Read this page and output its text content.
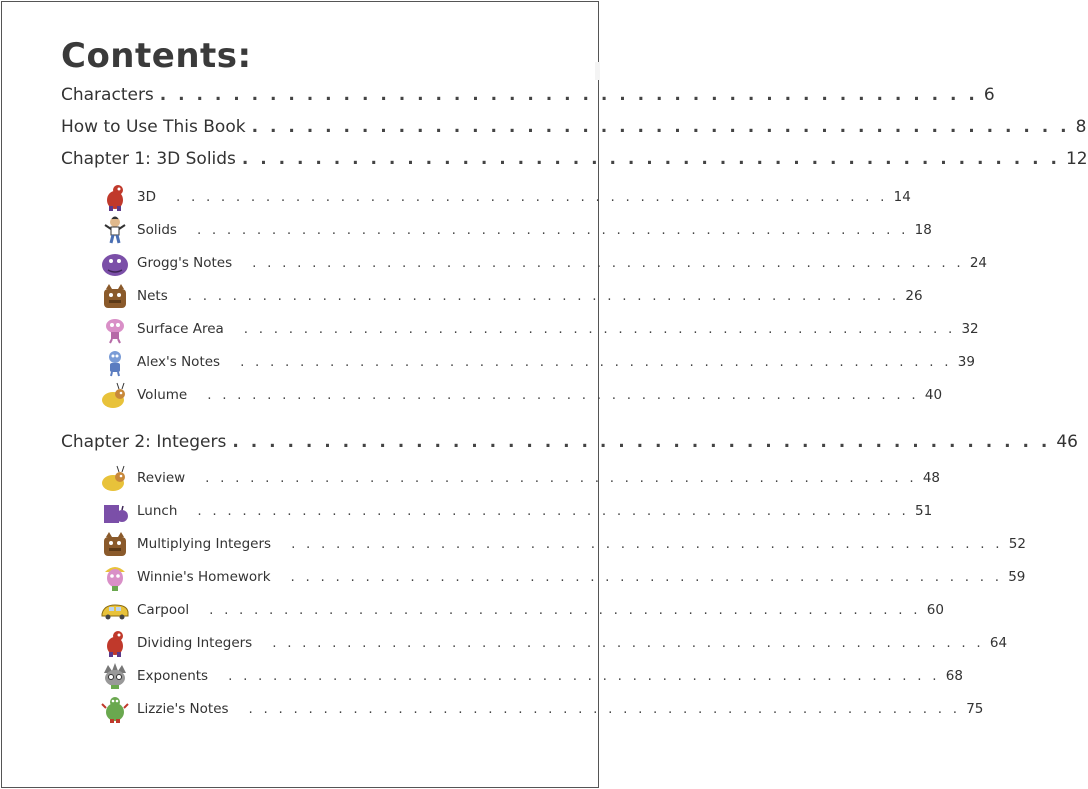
Contents:
Characters . . . . . . . . . . . . . . . . . . . . . . . . . . . . . . . . . . . . . . . . . . . . . 6
How to Use This Book . . . . . . . . . . . . . . . . . . . . . . . . . . . . . . . . . . . . . . . . . . . . . 8
Chapter 1: 3D Solids . . . . . . . . . . . . . . . . . . . . . . . . . . . . . . . . . . . . . . . . . . . . . 12
3D . . . . . . . . . . . . . . . . . . . . . . . . . . . . . . . . . . . . . . . . . . . . . . . . 14
Solids . . . . . . . . . . . . . . . . . . . . . . . . . . . . . . . . . . . . . . . . . . . . . . . . 18
Grogg's Notes . . . . . . . . . . . . . . . . . . . . . . . . . . . . . . . . . . . . . . . . . . . . . . . . 24
Nets . . . . . . . . . . . . . . . . . . . . . . . . . . . . . . . . . . . . . . . . . . . . . . . . 26
Surface Area . . . . . . . . . . . . . . . . . . . . . . . . . . . . . . . . . . . . . . . . . . . . . . . . 32
Alex's Notes . . . . . . . . . . . . . . . . . . . . . . . . . . . . . . . . . . . . . . . . . . . . . . . . 39
Volume . . . . . . . . . . . . . . . . . . . . . . . . . . . . . . . . . . . . . . . . . . . . . . . . 40
Chapter 2: Integers . . . . . . . . . . . . . . . . . . . . . . . . . . . . . . . . . . . . . . . . . . . . . 46
Review . . . . . . . . . . . . . . . . . . . . . . . . . . . . . . . . . . . . . . . . . . . . . . . . 48
Lunch . . . . . . . . . . . . . . . . . . . . . . . . . . . . . . . . . . . . . . . . . . . . . . . . 51
Multiplying Integers . . . . . . . . . . . . . . . . . . . . . . . . . . . . . . . . . . . . . . . . . . . . . . . . 52
Winnie's Homework . . . . . . . . . . . . . . . . . . . . . . . . . . . . . . . . . . . . . . . . . . . . . . . . 59
Carpool . . . . . . . . . . . . . . . . . . . . . . . . . . . . . . . . . . . . . . . . . . . . . . . . 60
Dividing Integers . . . . . . . . . . . . . . . . . . . . . . . . . . . . . . . . . . . . . . . . . . . . . . . . 64
Exponents . . . . . . . . . . . . . . . . . . . . . . . . . . . . . . . . . . . . . . . . . . . . . . . . 68
Lizzie's Notes . . . . . . . . . . . . . . . . . . . . . . . . . . . . . . . . . . . . . . . . . . . . . . . . 75
